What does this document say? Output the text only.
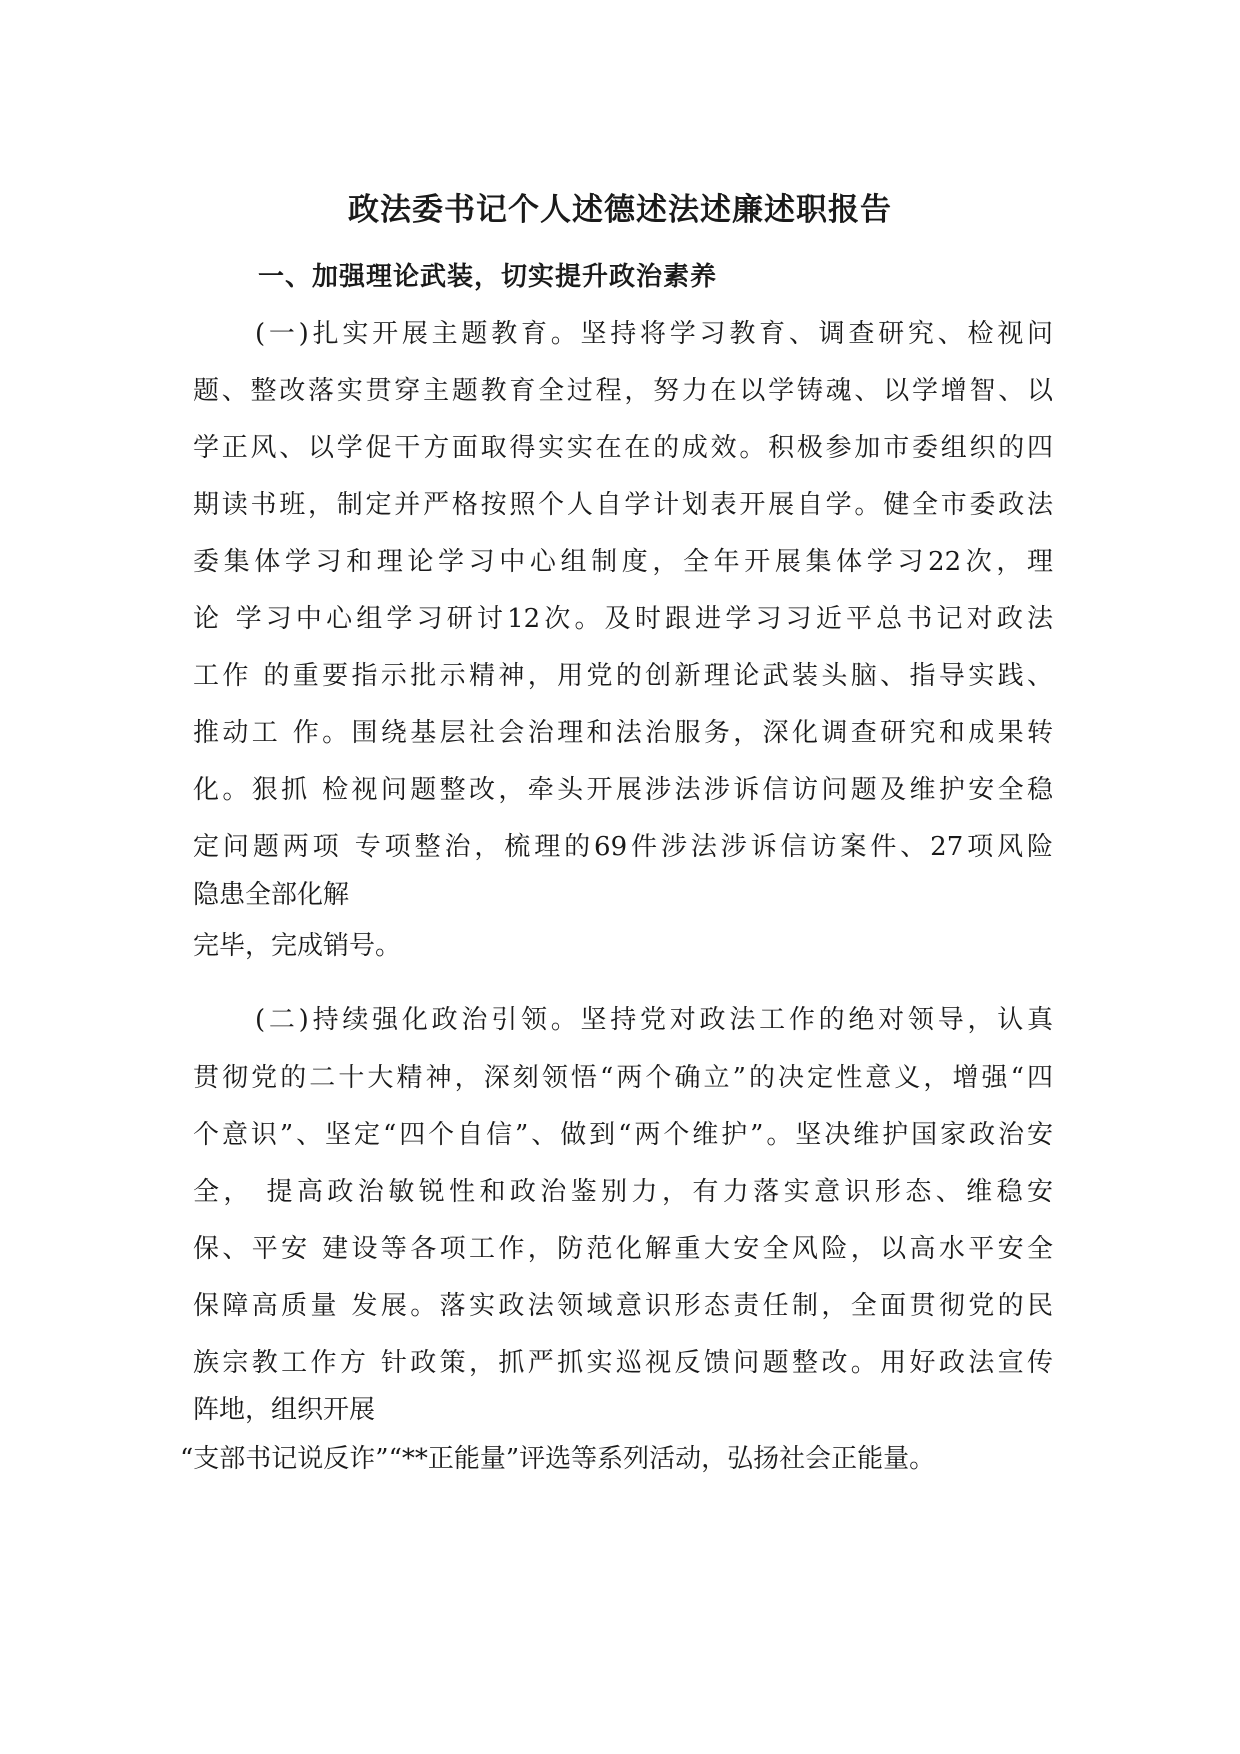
政法委书记个人述德述法述廉述职报告
一、加强理论武装，切实提升政治素养

(一)扎实开展主题教育。坚持将学习教育、调查研究、检视问

题、整改落实贯穿主题教育全过程，努力在以学铸魂、以学增智、以

学正风、以学促干方面取得实实在在的成效。积极参加市委组织的四

期读书班，制定并严格按照个人自学计划表开展自学。健全市委政法

委集体学习和理论学习中心组制度，全年开展集体学习22次，理

论 学习中心组学习研讨12次。及时跟进学习习近平总书记对政法

工作 的重要指示批示精神，用党的创新理论武装头脑、指导实践、

推动工 作。围绕基层社会治理和法治服务，深化调查研究和成果转

化。狠抓 检视问题整改，牵头开展涉法涉诉信访问题及维护安全稳

定问题两项 专项整治，梳理的69件涉法涉诉信访案件、27项风险

隐患全部化解

完毕，完成销号。

(二)持续强化政治引领。坚持党对政法工作的绝对领导，认真

贯彻党的二十大精神，深刻领悟“两个确立”的决定性意义，增强“四

个意识”、坚定“四个自信”、做到“两个维护”。坚决维护国家政治安

全， 提高政治敏锐性和政治鉴别力，有力落实意识形态、维稳安

保、平安 建设等各项工作，防范化解重大安全风险，以高水平安全

保障高质量 发展。落实政法领域意识形态责任制，全面贯彻党的民

族宗教工作方 针政策，抓严抓实巡视反馈问题整改。用好政法宣传

阵地，组织开展

“支部书记说反诈”“**正能量”评选等系列活动，弘扬社会正能量。
